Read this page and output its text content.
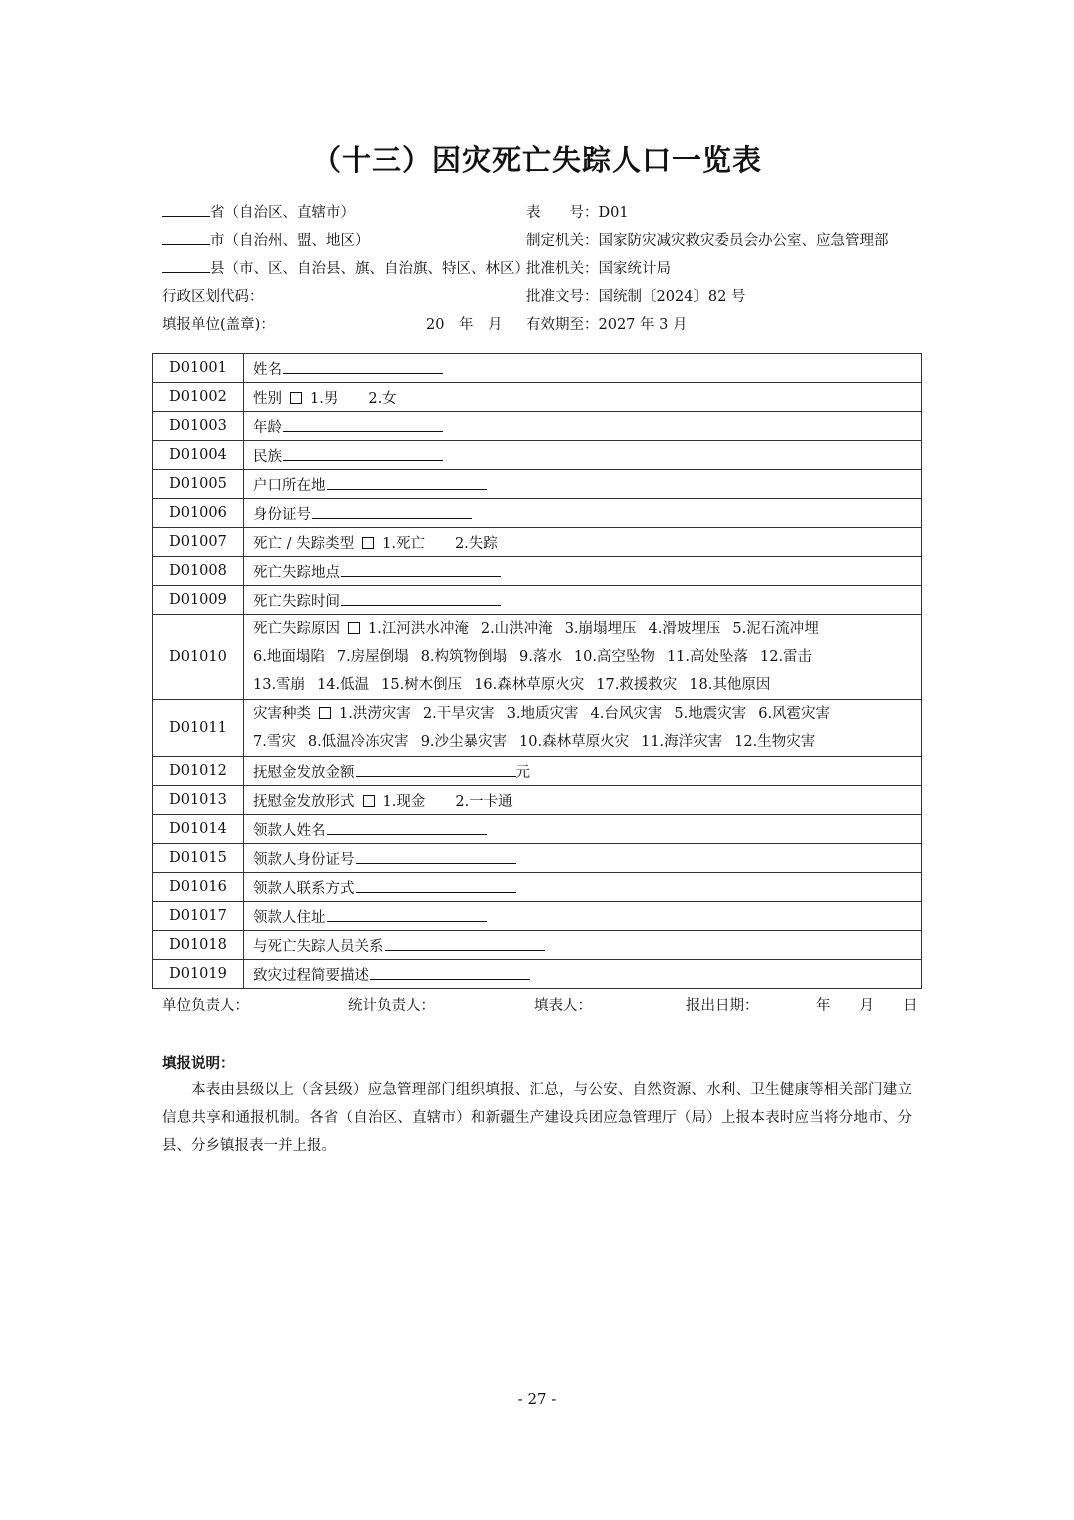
（十三）因灾死亡失踪人口一览表
省（自治区、直辖市）
市（自治州、盟、地区）
县（市、区、自治县、旗、自治旗、特区、林区）
行政区划代码：
填报单位(盖章)：	20　年　月
表　　号：D01
制定机关：国家防灾减灾救灾委员会办公室、应急管理部
批准机关：国家统计局
批准文号：国统制〔2024〕82 号
有效期至：2027 年 3 月
D01001	姓名
D01002	性别 1.男 2.女
D01003	年龄
D01004	民族
D01005	户口所在地
D01006	身份证号
D01007	死亡 / 失踪类型 1.死亡 2.失踪
D01008	死亡失踪地点
D01009	死亡失踪时间
D01010	死亡失踪原因 1.江河洪水冲淹 2.山洪冲淹 3.崩塌埋压 4.滑坡埋压 5.泥石流冲埋
6.地面塌陷 7.房屋倒塌 8.构筑物倒塌 9.落水 10.高空坠物 11.高处坠落 12.雷击
13.雪崩 14.低温 15.树木倒压 16.森林草原火灾 17.救援救灾 18.其他原因

D01011	灾害种类 1.洪涝灾害 2.干旱灾害 3.地质灾害 4.台风灾害 5.地震灾害 6.风雹灾害
7.雪灾 8.低温冷冻灾害 9.沙尘暴灾害 10.森林草原火灾 11.海洋灾害 12.生物灾害

D01012	抚慰金发放金额 元
D01013	抚慰金发放形式 1.现金 2.一卡通
D01014	领款人姓名
D01015	领款人身份证号
D01016	领款人联系方式
D01017	领款人住址
D01018	与死亡失踪人员关系
D01019	致灾过程简要描述
单位负责人：	统计负责人：	填表人：	报出日期：	年　　月　　日
填报说明：
本表由县级以上（含县级）应急管理部门组织填报、汇总，与公安、自然资源、水利、卫生健康等相关部门建立信息共享和通报机制。各省（自治区、直辖市）和新疆生产建设兵团应急管理厅（局）上报本表时应当将分地市、分县、分乡镇报表一并上报。
- 27 -
